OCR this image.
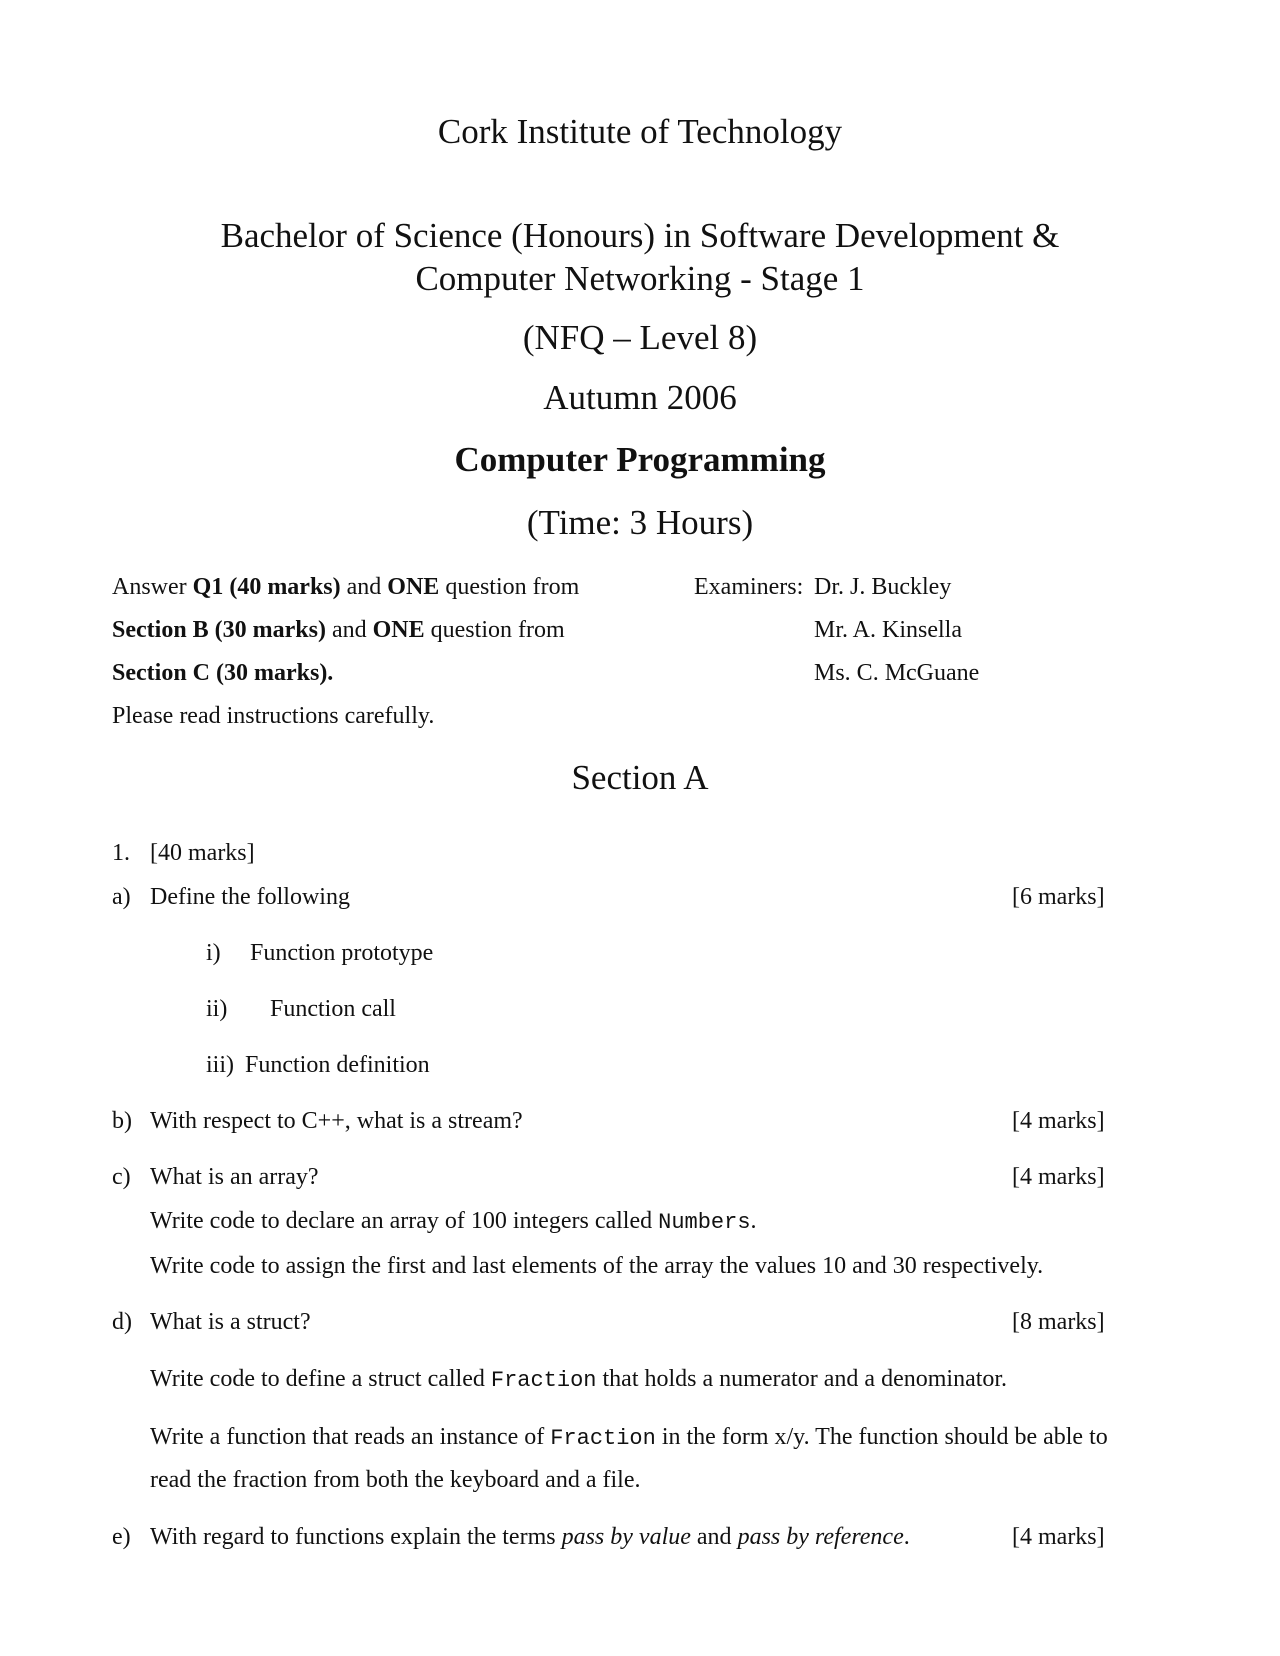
Cork Institute of Technology
Bachelor of Science (Honours) in Software Development &
Computer Networking - Stage 1
(NFQ – Level 8)
Autumn 2006
Computer Programming
(Time: 3 Hours)
Answer Q1 (40 marks) and ONE question from
Section B (30 marks) and ONE question from
Section C (30 marks).
Please read instructions carefully.
Examiners: Dr. J. Buckley
Mr. A. Kinsella
Ms. C. McGuane
Section A
1. [40 marks]
a) Define the following	[6 marks]
i) Function prototype
ii) Function call
iii) Function definition
b) With respect to C++, what is a stream?	[4 marks]
c) What is an array?	[4 marks]
Write code to declare an array of 100 integers called Numbers.
Write code to assign the first and last elements of the array the values 10 and 30 respectively.
d) What is a struct?	[8 marks]
Write code to define a struct called Fraction that holds a numerator and a denominator.
Write a function that reads an instance of Fraction in the form x/y. The function should be able to
read the fraction from both the keyboard and a file.
e) With regard to functions explain the terms pass by value and pass by reference.	[4 marks]
